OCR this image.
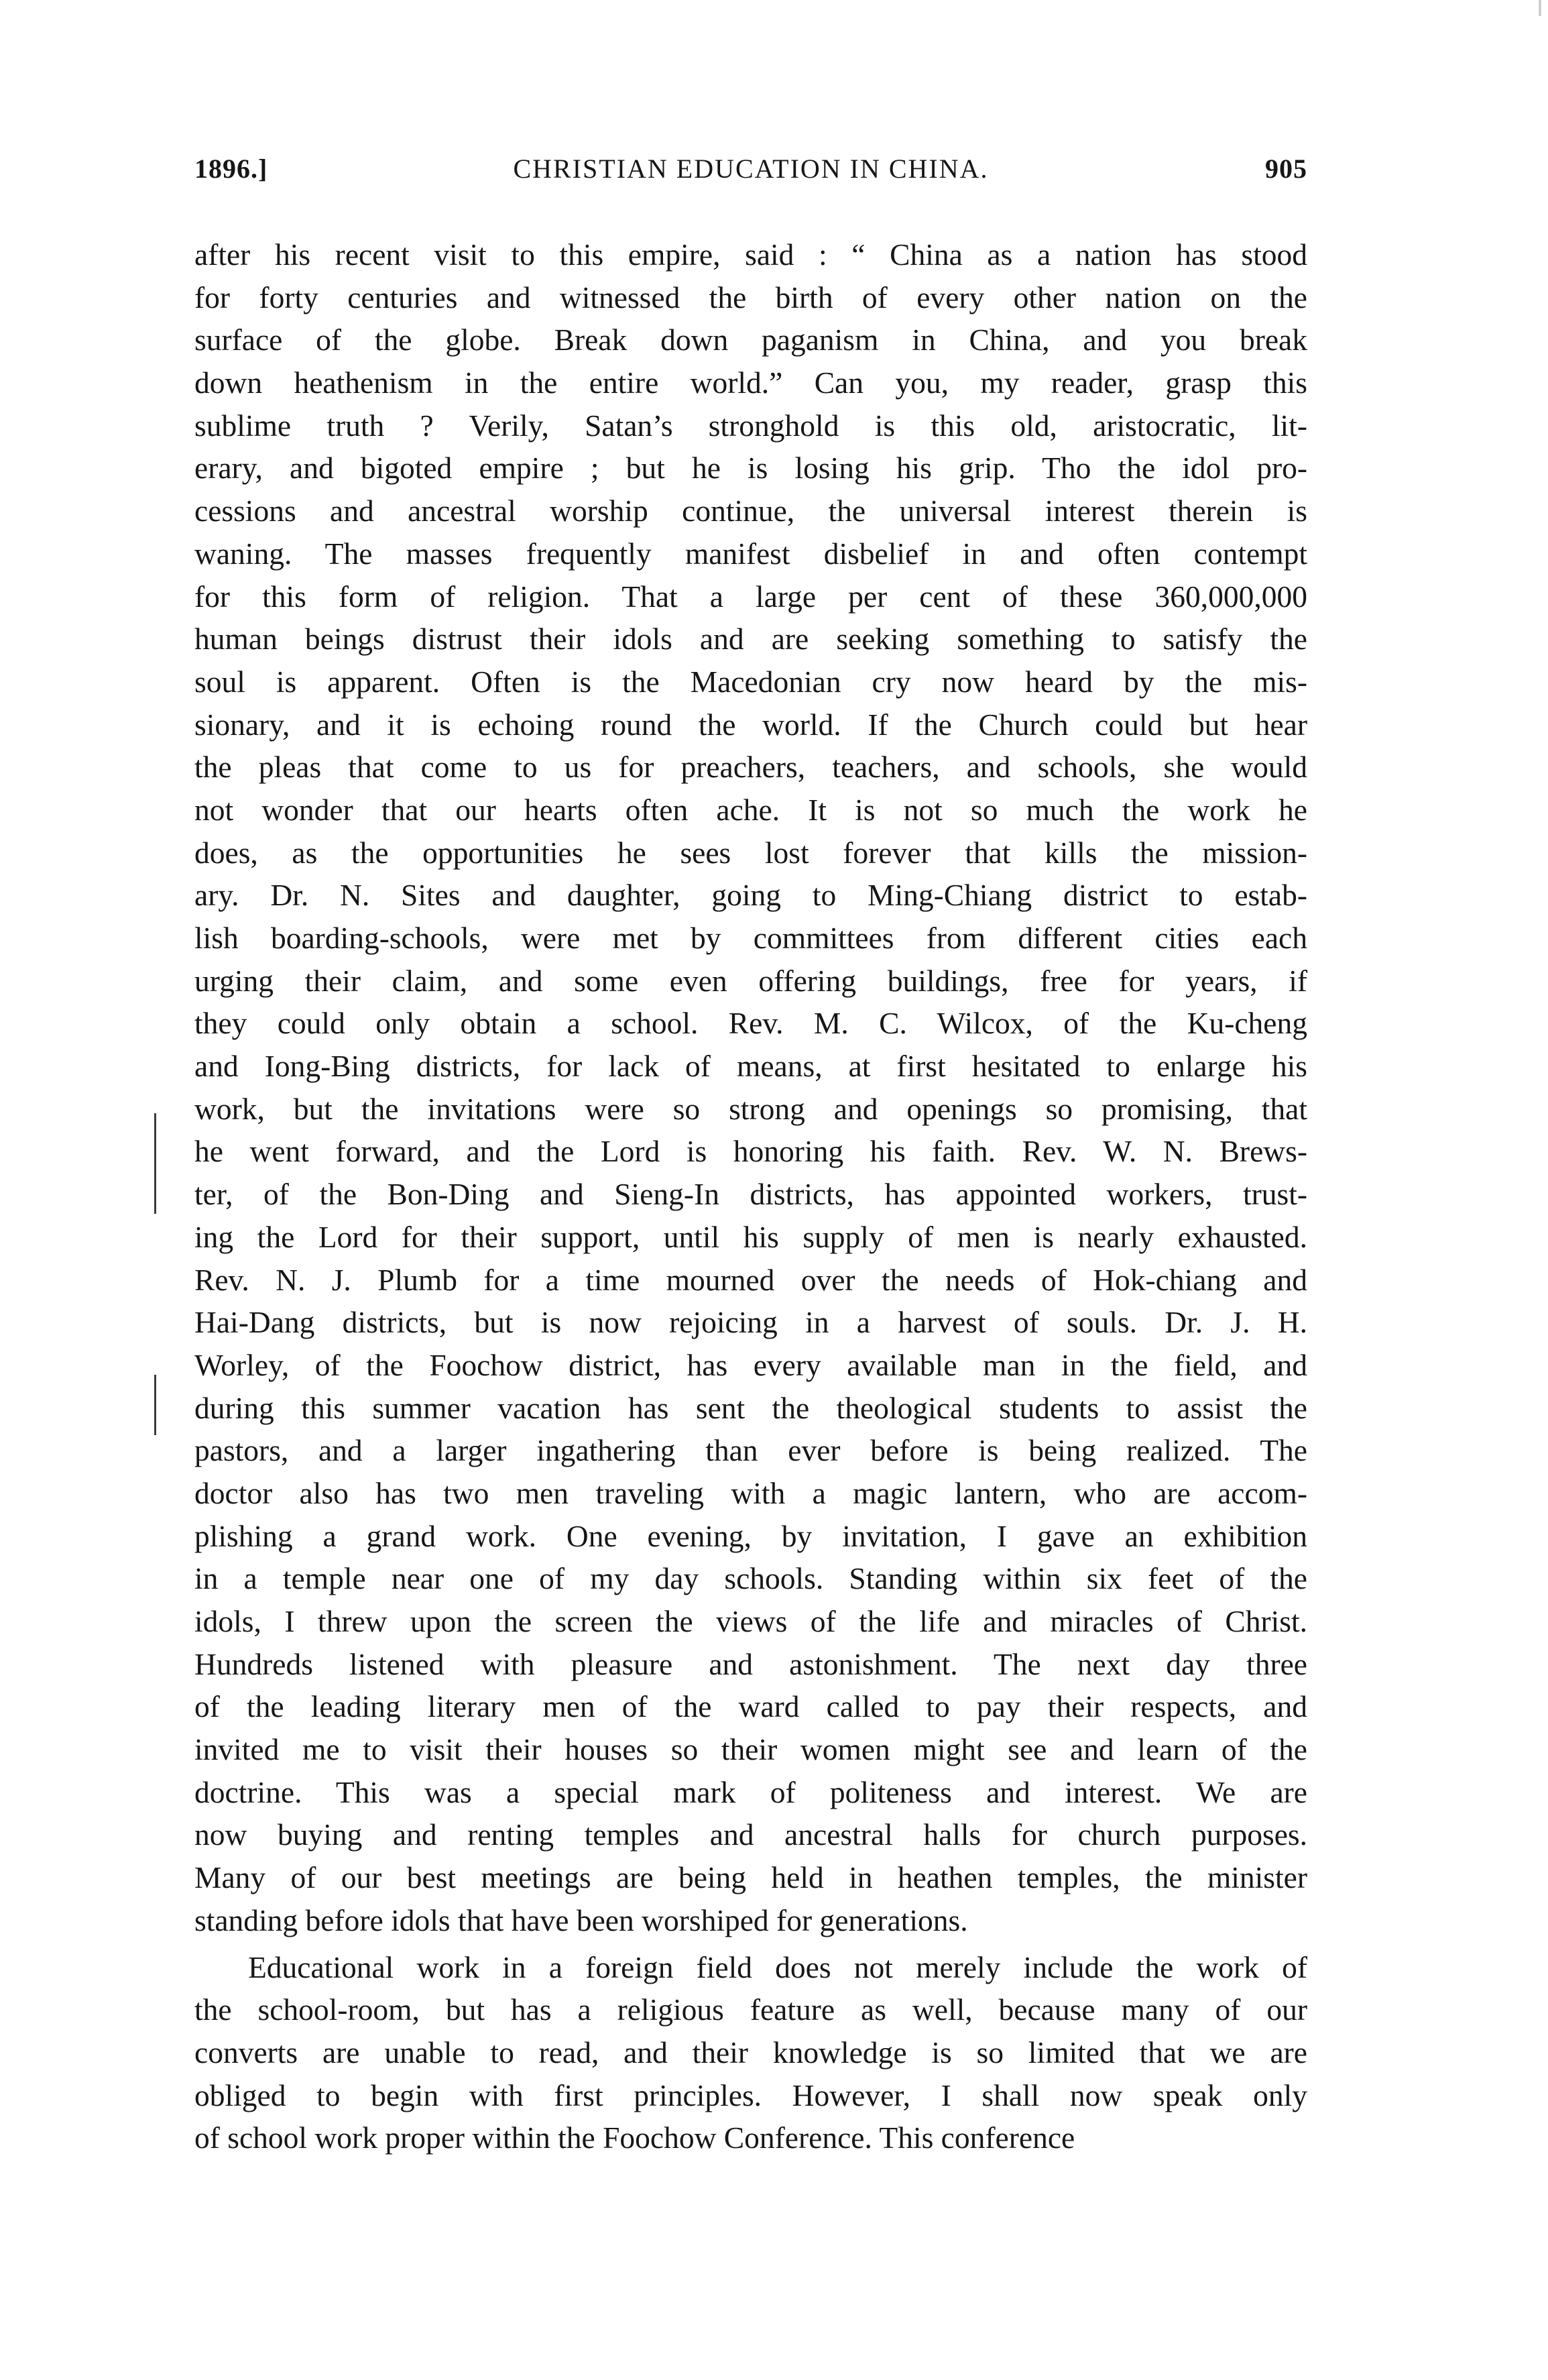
1896.]	CHRISTIAN EDUCATION IN CHINA.	905
after his recent visit to this empire, said : “ China as a nation has stood
for forty centuries and witnessed the birth of every other nation on the
surface of the globe. Break down paganism in China, and you break
down heathenism in the entire world.” Can you, my reader, grasp this
sublime truth ? Verily, Satan’s stronghold is this old, aristocratic, lit-
erary, and bigoted empire ; but he is losing his grip. Tho the idol pro-
cessions and ancestral worship continue, the universal interest therein is
waning. The masses frequently manifest disbelief in and often contempt
for this form of religion. That a large per cent of these 360,000,000
human beings distrust their idols and are seeking something to satisfy the
soul is apparent. Often is the Macedonian cry now heard by the mis-
sionary, and it is echoing round the world. If the Church could but hear
the pleas that come to us for preachers, teachers, and schools, she would
not wonder that our hearts often ache. It is not so much the work he
does, as the opportunities he sees lost forever that kills the mission-
ary. Dr. N. Sites and daughter, going to Ming-Chiang district to estab-
lish boarding-schools, were met by committees from different cities each
urging their claim, and some even offering buildings, free for years, if
they could only obtain a school. Rev. M. C. Wilcox, of the Ku-cheng
and Iong-Bing districts, for lack of means, at first hesitated to enlarge his
work, but the invitations were so strong and openings so promising, that
he went forward, and the Lord is honoring his faith. Rev. W. N. Brews-
ter, of the Bon-Ding and Sieng-In districts, has appointed workers, trust-
ing the Lord for their support, until his supply of men is nearly exhausted.
Rev. N. J. Plumb for a time mourned over the needs of Hok-chiang and
Hai-Dang districts, but is now rejoicing in a harvest of souls. Dr. J. H.
Worley, of the Foochow district, has every available man in the field, and
during this summer vacation has sent the theological students to assist the
pastors, and a larger ingathering than ever before is being realized. The
doctor also has two men traveling with a magic lantern, who are accom-
plishing a grand work. One evening, by invitation, I gave an exhibition
in a temple near one of my day schools. Standing within six feet of the
idols, I threw upon the screen the views of the life and miracles of Christ.
Hundreds listened with pleasure and astonishment. The next day three
of the leading literary men of the ward called to pay their respects, and
invited me to visit their houses so their women might see and learn of the
doctrine. This was a special mark of politeness and interest. We are
now buying and renting temples and ancestral halls for church purposes.
Many of our best meetings are being held in heathen temples, the minister
standing before idols that have been worshiped for generations.
Educational work in a foreign field does not merely include the work of
the school-room, but has a religious feature as well, because many of our
converts are unable to read, and their knowledge is so limited that we are
obliged to begin with first principles. However, I shall now speak only
of school work proper within the Foochow Conference. This conference
